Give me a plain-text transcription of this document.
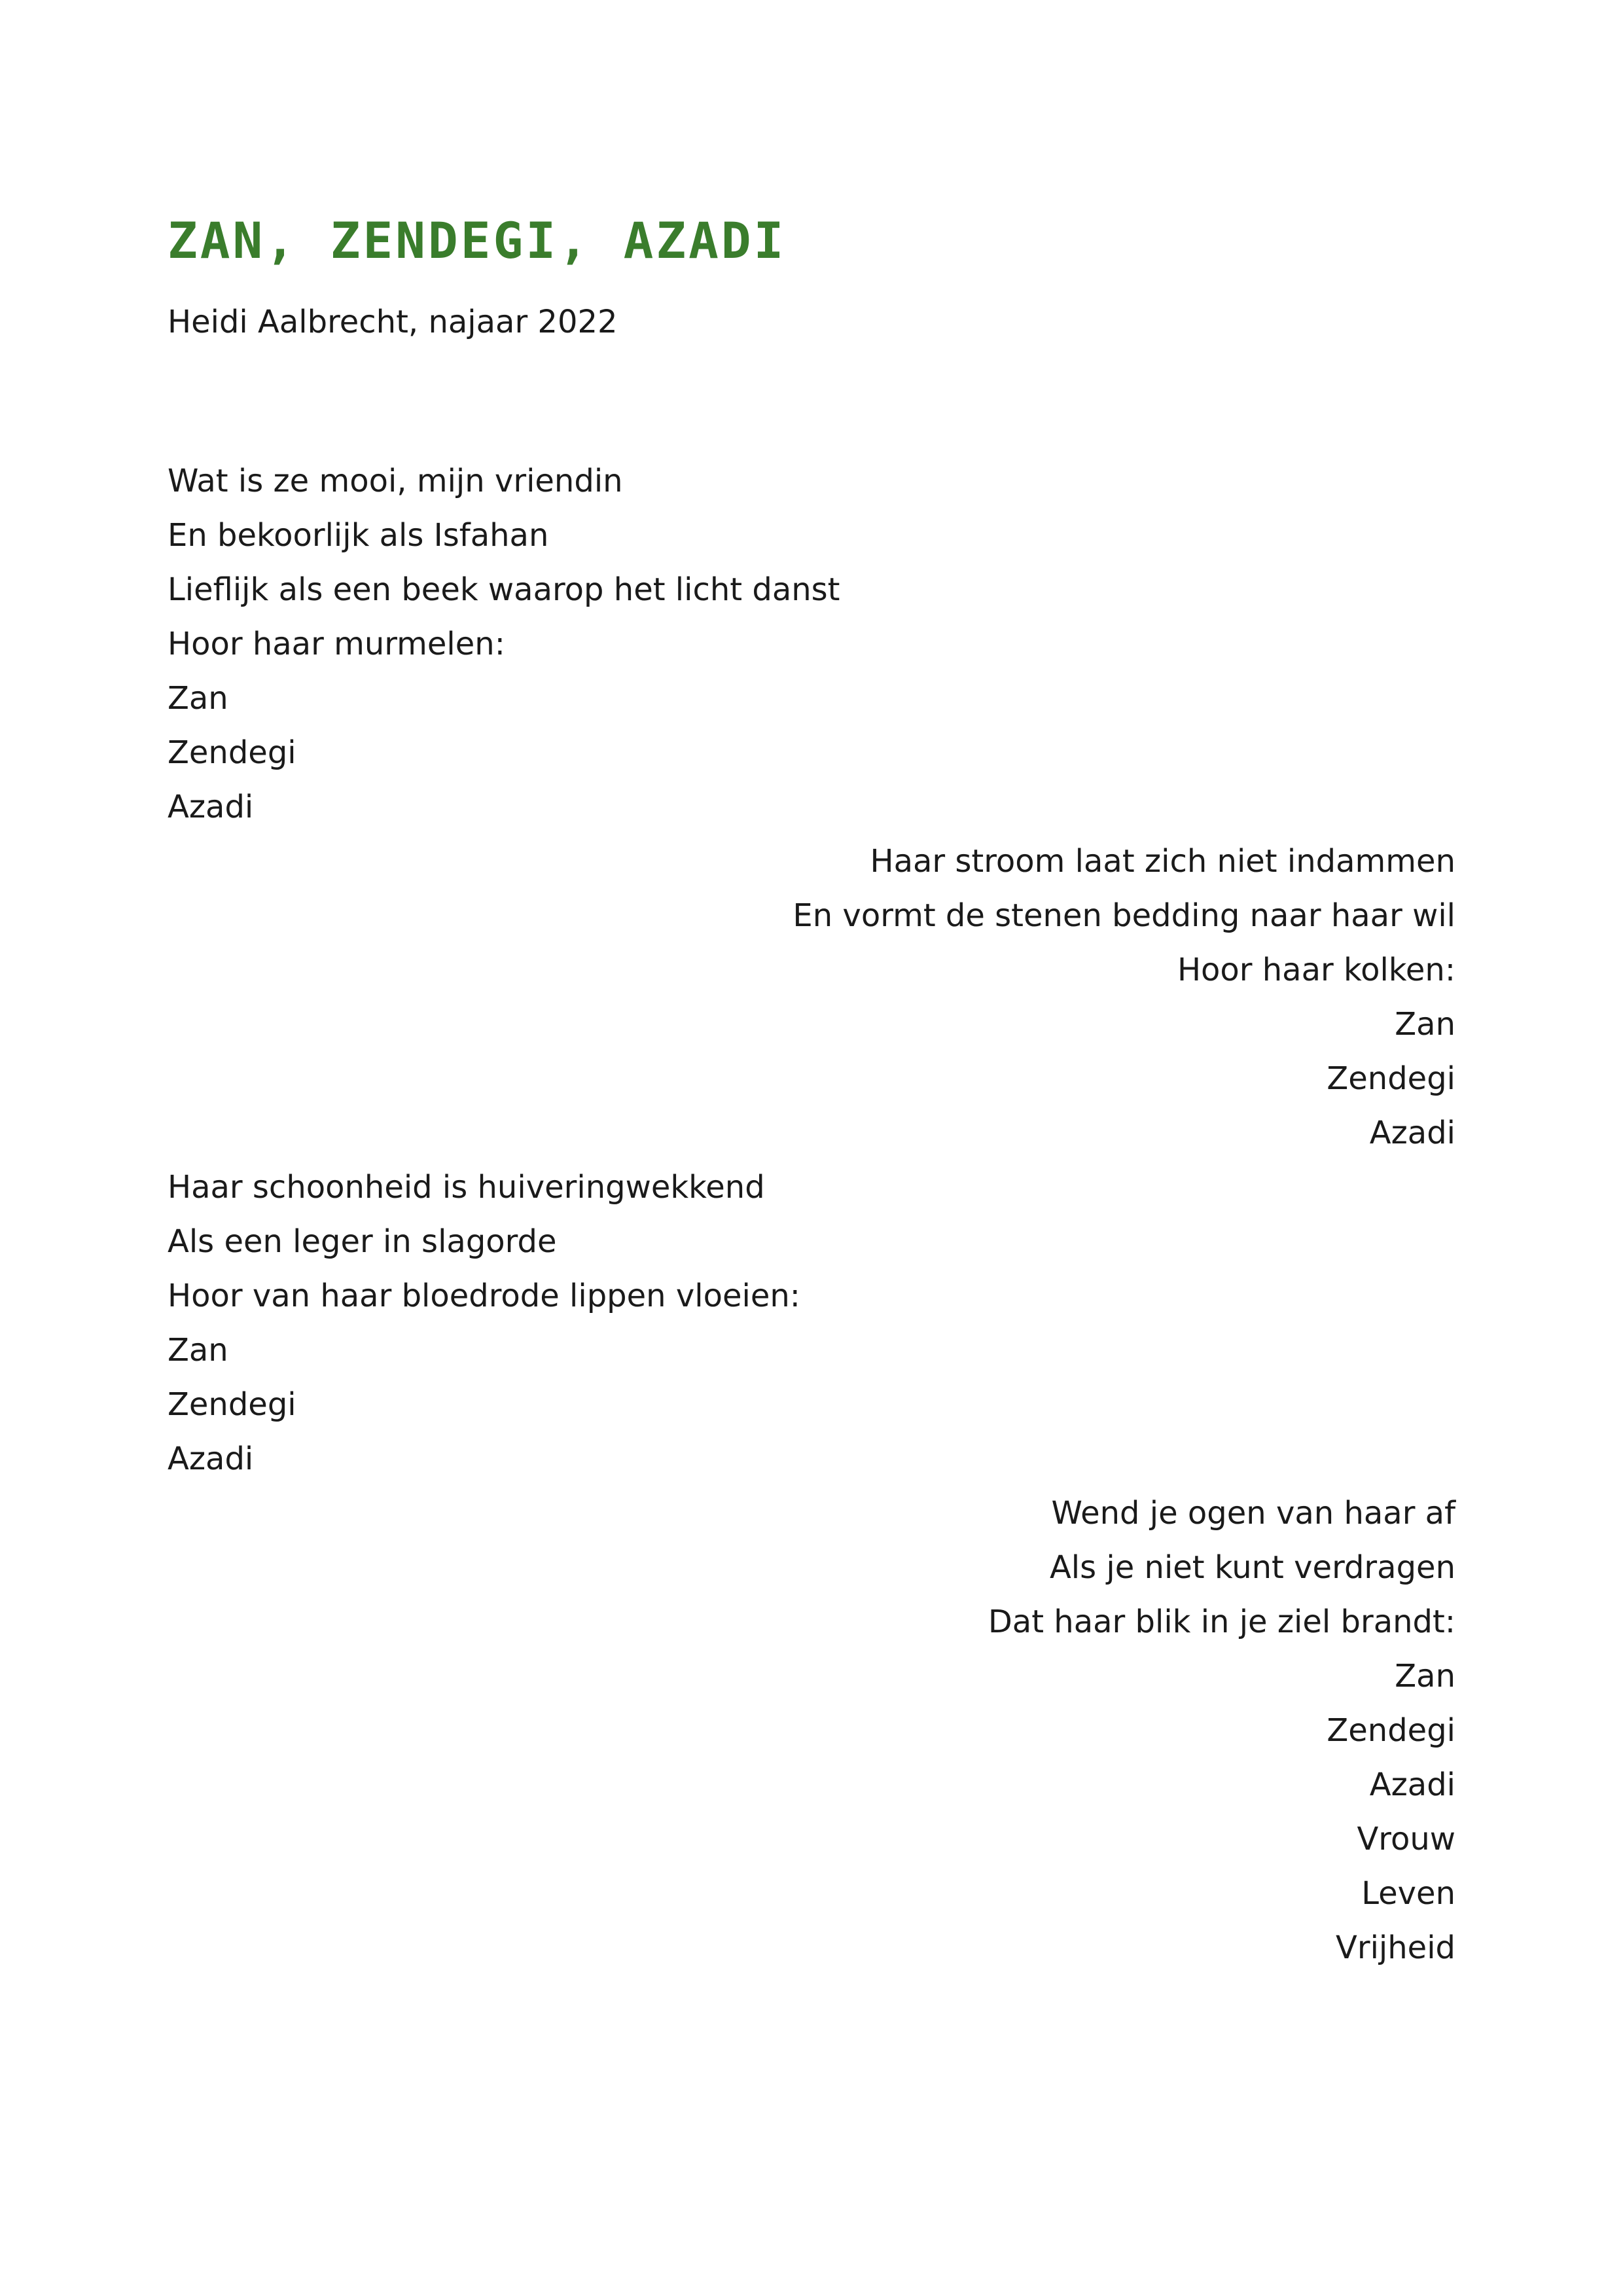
ZAN, ZENDEGI, AZADI

Heidi Aalbrecht, najaar 2022

Wat is ze mooi, mijn vriendin
En bekoorlijk als Isfahan
Lieflijk als een beek waarop het licht danst
Hoor haar murmelen:
Zan
Zendegi
Azadi
Haar stroom laat zich niet indammen
En vormt de stenen bedding naar haar wil
Hoor haar kolken:
Zan
Zendegi
Azadi
Haar schoonheid is huiveringwekkend
Als een leger in slagorde
Hoor van haar bloedrode lippen vloeien:
Zan
Zendegi
Azadi
Wend je ogen van haar af
Als je niet kunt verdragen
Dat haar blik in je ziel brandt:
Zan
Zendegi
Azadi
Vrouw
Leven
Vrijheid
